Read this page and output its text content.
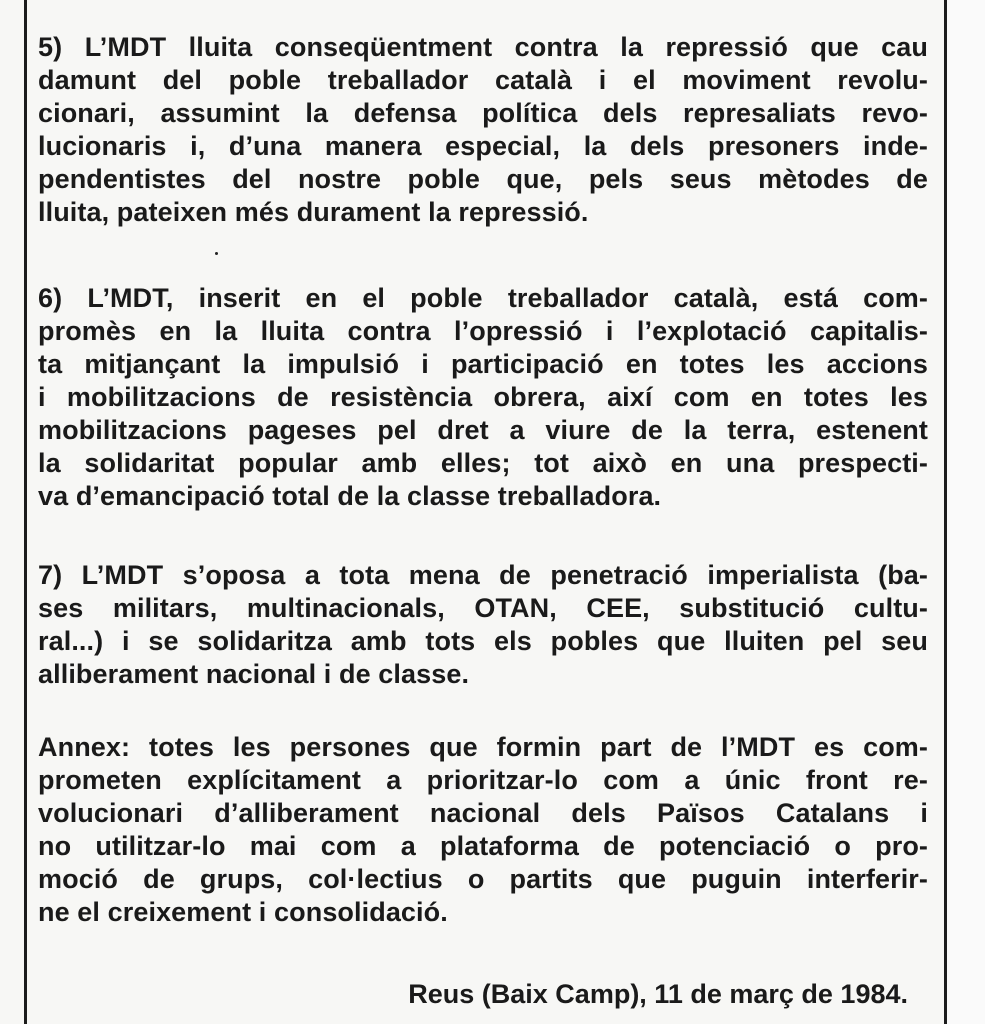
5) L’MDT lluita conseqüentment contra la repressió que cau
damunt del poble treballador català i el moviment revolu-
cionari, assumint la defensa política dels represaliats revo-
lucionaris i, d’una manera especial, la dels presoners inde-
pendentistes del nostre poble que, pels seus mètodes de
lluita, pateixen més durament la repressió.
6) L’MDT, inserit en el poble treballador català, está com-
promès en la lluita contra l’opressió i l’explotació capitalis-
ta mitjançant la impulsió i participació en totes les accions
i mobilitzacions de resistència obrera, així com en totes les
mobilitzacions pageses pel dret a viure de la terra, estenent
la solidaritat popular amb elles; tot això en una prespecti-
va d’emancipació total de la classe treballadora.
7) L’MDT s’oposa a tota mena de penetració imperialista (ba-
ses militars, multinacionals, OTAN, CEE, substitució cultu-
ral...) i se solidaritza amb tots els pobles que lluiten pel seu
alliberament nacional i de classe.
Annex: totes les persones que formin part de l’MDT es com-
prometen explícitament a prioritzar-lo com a únic front re-
volucionari d’alliberament nacional dels Països Catalans i
no utilitzar-lo mai com a plataforma de potenciació o pro-
moció de grups, col·lectius o partits que puguin interferir-
ne el creixement i consolidació.
Reus (Baix Camp), 11 de març de 1984.
